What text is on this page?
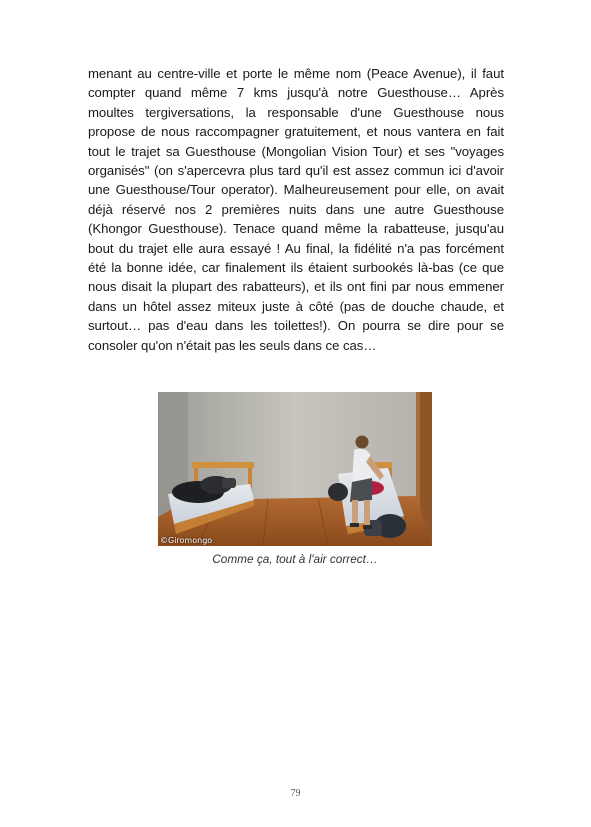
menant au centre-ville et porte le même nom (Peace Avenue), il faut compter quand même 7 kms jusqu'à notre Guesthouse… Après moultes tergiversations, la responsable d'une Guesthouse nous propose de nous raccompagner gratuitement, et nous vantera en fait tout le trajet sa Guesthouse (Mongolian Vision Tour) et ses "voyages organisés" (on s'apercevra plus tard qu'il est assez commun ici d'avoir une Guesthouse/Tour operator). Malheureusement pour elle, on avait déjà réservé nos 2 premières nuits dans une autre Guesthouse (Khongor Guesthouse). Tenace quand même la rabatteuse, jusqu'au bout du trajet elle aura essayé ! Au final, la fidélité n'a pas forcément été la bonne idée, car finalement ils étaient surbookés là-bas (ce que nous disait la plupart des rabatteurs), et ils ont fini par nous emmener dans un hôtel assez miteux juste à côté (pas de douche chaude, et surtout… pas d'eau dans les toilettes!). On pourra se dire pour se consoler qu'on n'était pas les seuls dans ce cas…

©Giromongo
Comme ça, tout à l'air correct…
79
